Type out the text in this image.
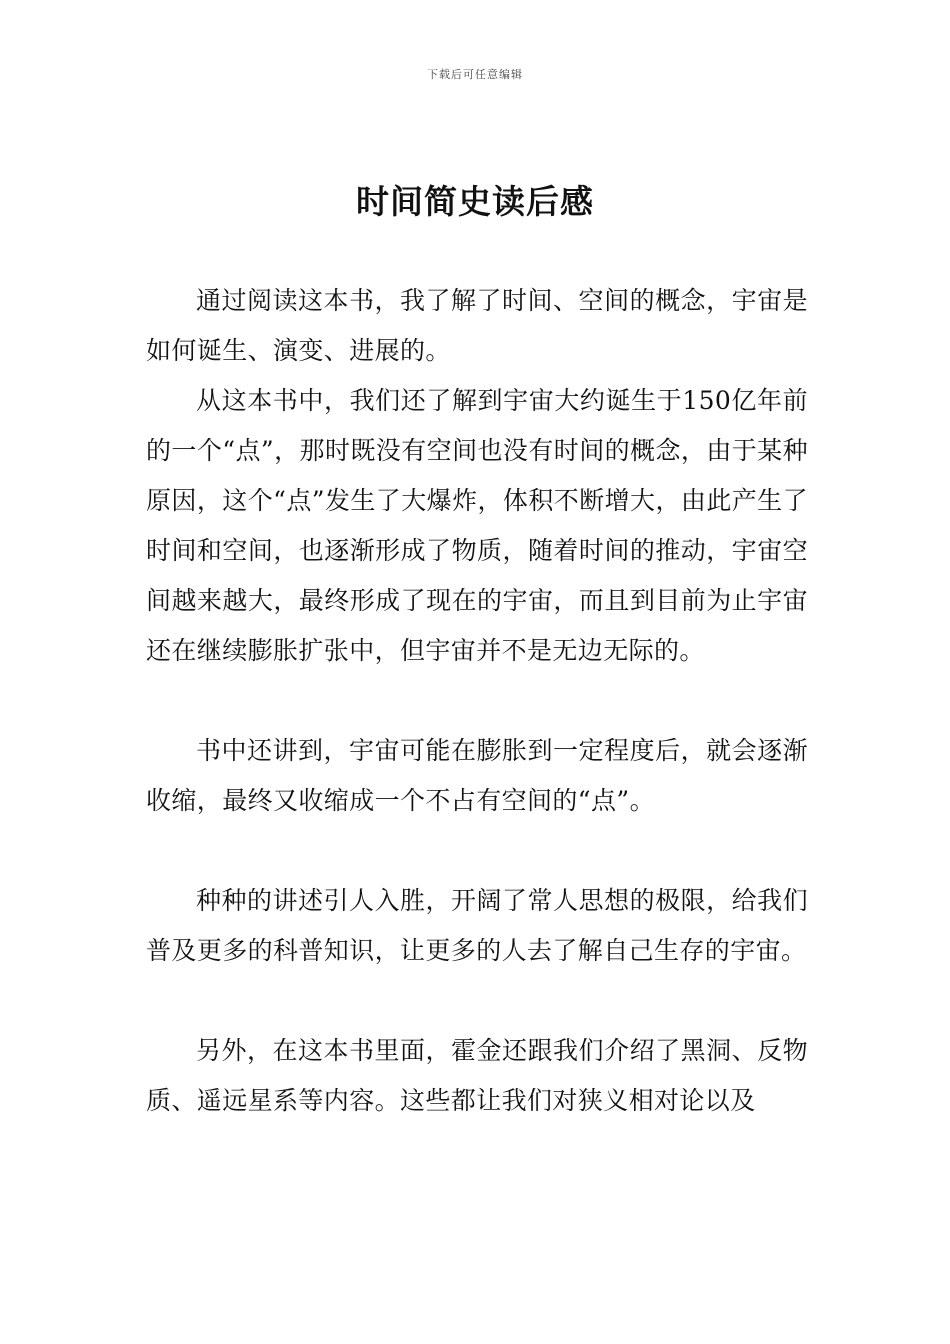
下载后可任意编辑
时间简史读后感

通过阅读这本书，我了解了时间、空间的概念，宇宙是如何诞生、演变、进展的。

从这本书中，我们还了解到宇宙大约诞生于150亿年前的一个“点”，那时既没有空间也没有时间的概念，由于某种原因，这个“点”发生了大爆炸，体积不断增大，由此产生了时间和空间，也逐渐形成了物质，随着时间的推动，宇宙空间越来越大，最终形成了现在的宇宙，而且到目前为止宇宙还在继续膨胀扩张中，但宇宙并不是无边无际的。

书中还讲到，宇宙可能在膨胀到一定程度后，就会逐渐收缩，最终又收缩成一个不占有空间的“点”。

种种的讲述引人入胜，开阔了常人思想的极限，给我们普及更多的科普知识，让更多的人去了解自己生存的宇宙。

另外，在这本书里面，霍金还跟我们介绍了黑洞、反物质、遥远星系等内容。这些都让我们对狭义相对论以及
